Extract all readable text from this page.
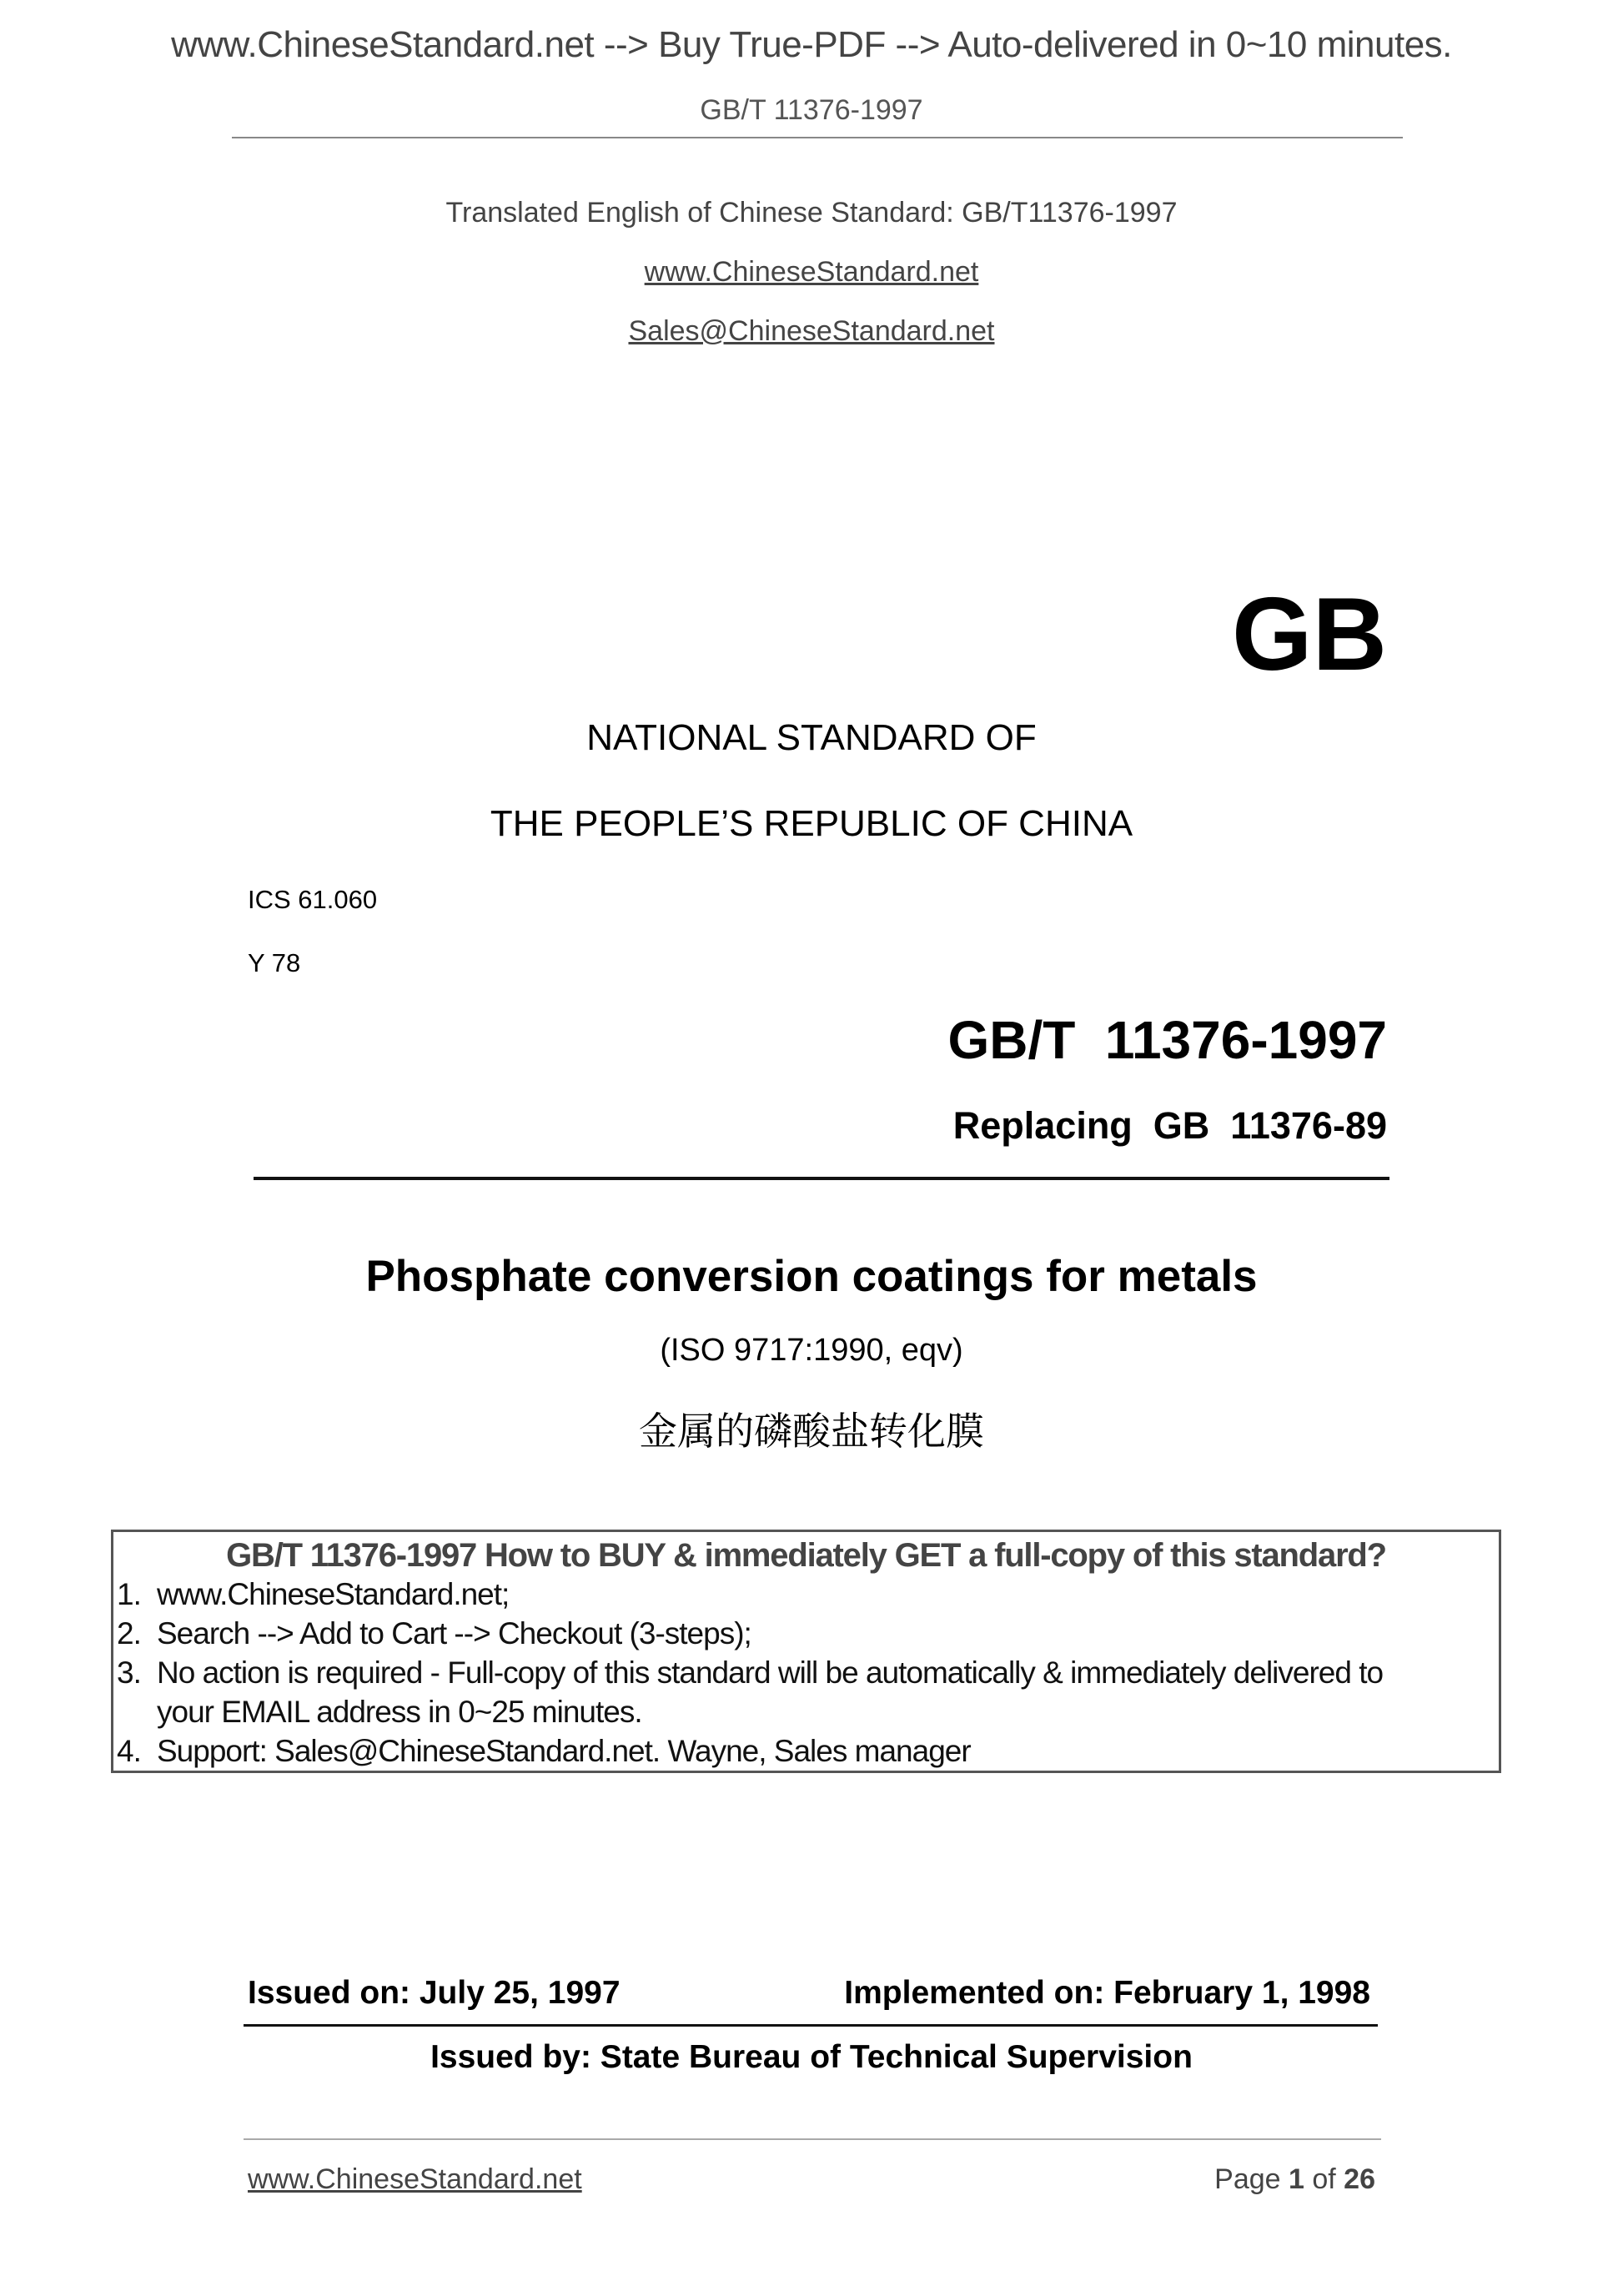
www.ChineseStandard.net --> Buy True-PDF --> Auto-delivered in 0~10 minutes.
GB/T 11376-1997
Translated English of Chinese Standard: GB/T11376-1997
www.ChineseStandard.net
Sales@ChineseStandard.net
GB
NATIONAL STANDARD OF
THE PEOPLE’S REPUBLIC OF CHINA
ICS 61.060
Y 78
GB/T  11376-1997
Replacing  GB  11376-89
Phosphate conversion coatings for metals
(ISO 9717:1990, eqv)
金属的磷酸盐转化膜
GB/T 11376-1997 How to BUY & immediately GET a full-copy of this standard?
1. www.ChineseStandard.net;
2. Search --> Add to Cart --> Checkout (3-steps);
3. No action is required - Full-copy of this standard will be automatically & immediately delivered to
your EMAIL address in 0~25 minutes.
4. Support: Sales@ChineseStandard.net. Wayne, Sales manager
Issued on: July 25, 1997	Implemented on: February 1, 1998
Issued by: State Bureau of Technical Supervision
www.ChineseStandard.net	Page 1 of 26
